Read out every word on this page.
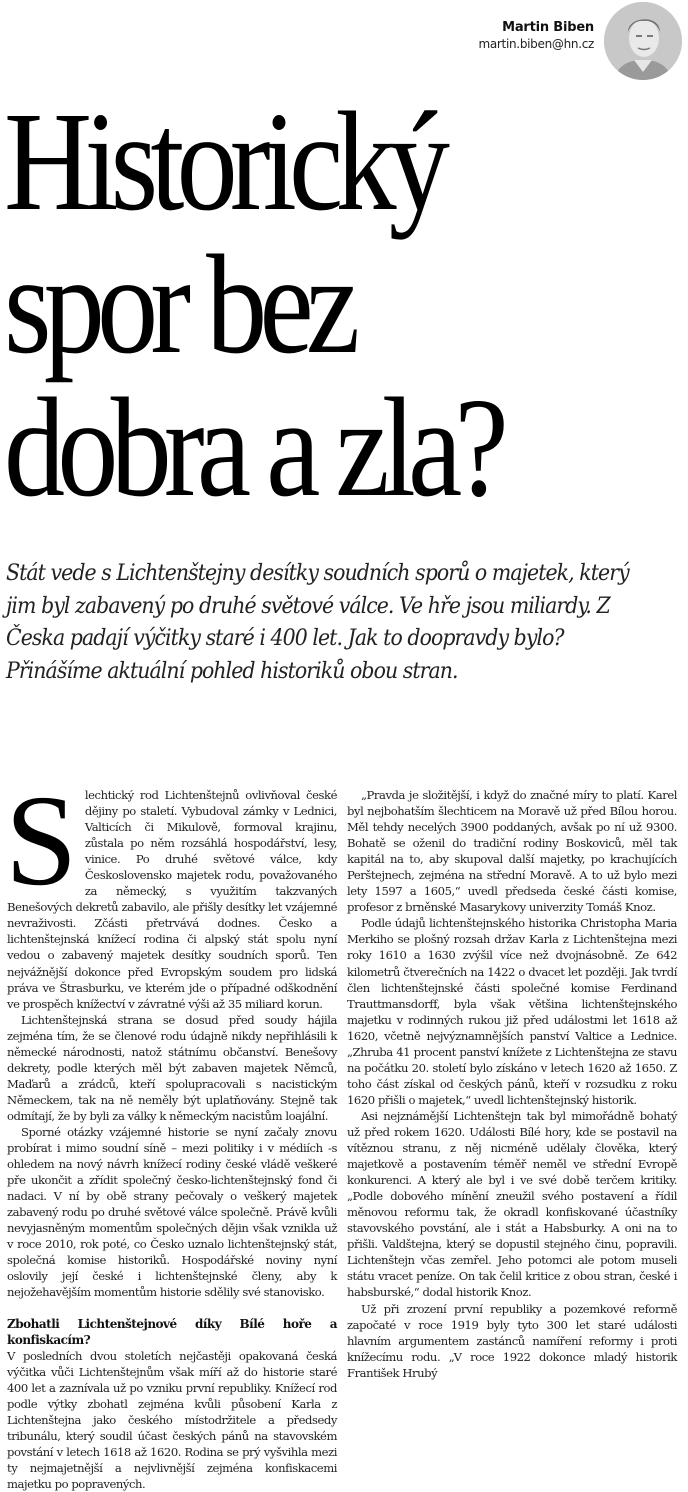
Martin Biben
martin.biben@hn.cz
Historický
spor bez
dobra a zla?

Stát vede s Lichtenštejny desítky soudních sporů o majetek, který jim byl zabavený po druhé světové válce. Ve hře jsou miliardy. Z Česka padají výčitky staré i 400 let. Jak to doopravdy bylo? Přinášíme aktuální pohled historiků obou stran.

Slechtický rod Lichtenštejnů ovlivňoval české dějiny po staletí. Vybudoval zámky v Lednici, Valticích či Mikulově, formoval krajinu, zůstala po něm rozsáhlá hospodářství, lesy, vinice. Po druhé světové válce, kdy Československo majetek rodu, považovaného za německý, s využitím takzvaných Benešových dekretů zabavilo, ale přišly desítky let vzájemné nevraživosti. Zčásti přetrvává dodnes. Česko a lichtenštejnská knížecí rodina či alpský stát spolu nyní vedou o zabavený majetek desítky soudních sporů. Ten nejvážnější dokonce před Evropským soudem pro lidská práva ve Štrasburku, ve kterém jde o případné odškodnění ve prospěch knížectví v závratné výši až 35 miliard korun.

Lichtenštejnská strana se dosud před soudy hájila zejména tím, že se členové rodu údajně nikdy nepřihlásili k německé národnosti, natož státnímu občanství. Benešovy dekrety, podle kterých měl být zabaven majetek Němců, Maďarů a zrádců, kteří spolupracovali s nacistickým Německem, tak na ně neměly být uplatňovány. Stejně tak odmítají, že by byli za války k německým nacistům loajální.

Sporné otázky vzájemné historie se nyní začaly znovu probírat i mimo soudní síně – mezi politiky i v médiích -s ohledem na nový návrh knížecí rodiny české vládě veškeré pře ukončit a zřídit společný česko-lichtenštejnský fond či nadaci. V ní by obě strany pečovaly o veškerý majetek zabavený rodu po druhé světové válce společně. Právě kvůli nevyjasněným momentům společných dějin však vznikla už v roce 2010, rok poté, co Česko uznalo lichtenštejnský stát, společná komise historiků. Hospodářské noviny nyní oslovily její české i lichtenštejnské členy, aby k nejožehavějším momentům historie sdělily své stanovisko.

Zbohatli Lichtenštejnové díky Bílé hoře a konfiskacím?

V posledních dvou stoletích nejčastěji opakovaná česká výčitka vůči Lichtenštejnům však míří až do historie staré 400 let a zaznívala už po vzniku první republiky. Knížecí rod podle výtky zbohatl zejména kvůli působení Karla z Lichtenštejna jako českého místodržitele a předsedy tribunálu, který soudil účast českých pánů na stavovském povstání v letech 1618 až 1620. Rodina se prý vyšvihla mezi ty nejmajetnější a nejvlivnější zejména konfiskacemi majetku po popravených.

„Pravda je složitější, i když do značné míry to platí. Karel byl nejbohatším šlechticem na Moravě už před Bílou horou. Měl tehdy necelých 3900 poddaných, avšak po ní už 9300. Bohatě se oženil do tradiční rodiny Boskoviců, měl tak kapitál na to, aby skupoval další majetky, po krachujících Perštejnech, zejména na střední Moravě. A to už bylo mezi lety 1597 a 1605,“ uvedl předseda české části komise, profesor z brněnské Masarykovy univerzity Tomáš Knoz.

Podle údajů lichtenštejnského historika Christopha Maria Merkiho se plošný rozsah držav Karla z Lichtenštejna mezi roky 1610 a 1630 zvýšil více než dvojnásobně. Ze 642 kilometrů čtverečních na 1422 o dvacet let později. Jak tvrdí člen lichtenštejnské části společné komise Ferdinand Trauttmansdorff, byla však většina lichtenštejnského majetku v rodinných rukou již před událostmi let 1618 až 1620, včetně nejvýznamnějších panství Valtice a Lednice. „Zhruba 41 procent panství knížete z Lichtenštejna ze stavu na počátku 20. století bylo získáno v letech 1620 až 1650. Z toho část získal od českých pánů, kteří v rozsudku z roku 1620 přišli o majetek,“ uvedl lichtenštejnský historik.

Asi nejznámější Lichtenštejn tak byl mimořádně bohatý už před rokem 1620. Události Bílé hory, kde se postavil na vítěznou stranu, z něj nicméně udělaly člověka, který majetkově a postavením téměř neměl ve střední Evropě konkurenci. A který ale byl i ve své době terčem kritiky. „Podle dobového mínění zneužil svého postavení a řídil měnovou reformu tak, že okradl konfiskované účastníky stavovského povstání, ale i stát a Habsburky. A oni na to přišli. Valdštejna, který se dopustil stejného činu, popravili. Lichtenštejn včas zemřel. Jeho potomci ale potom museli státu vracet peníze. On tak čelil kritice z obou stran, české i habsburské,“ dodal historik Knoz.

Už při zrození první republiky a pozemkové reformě započaté v roce 1919 byly tyto 300 let staré události hlavním argumentem zastánců namíření reformy i proti knížecímu rodu. „V roce 1922 dokonce mladý historik František Hrubý
